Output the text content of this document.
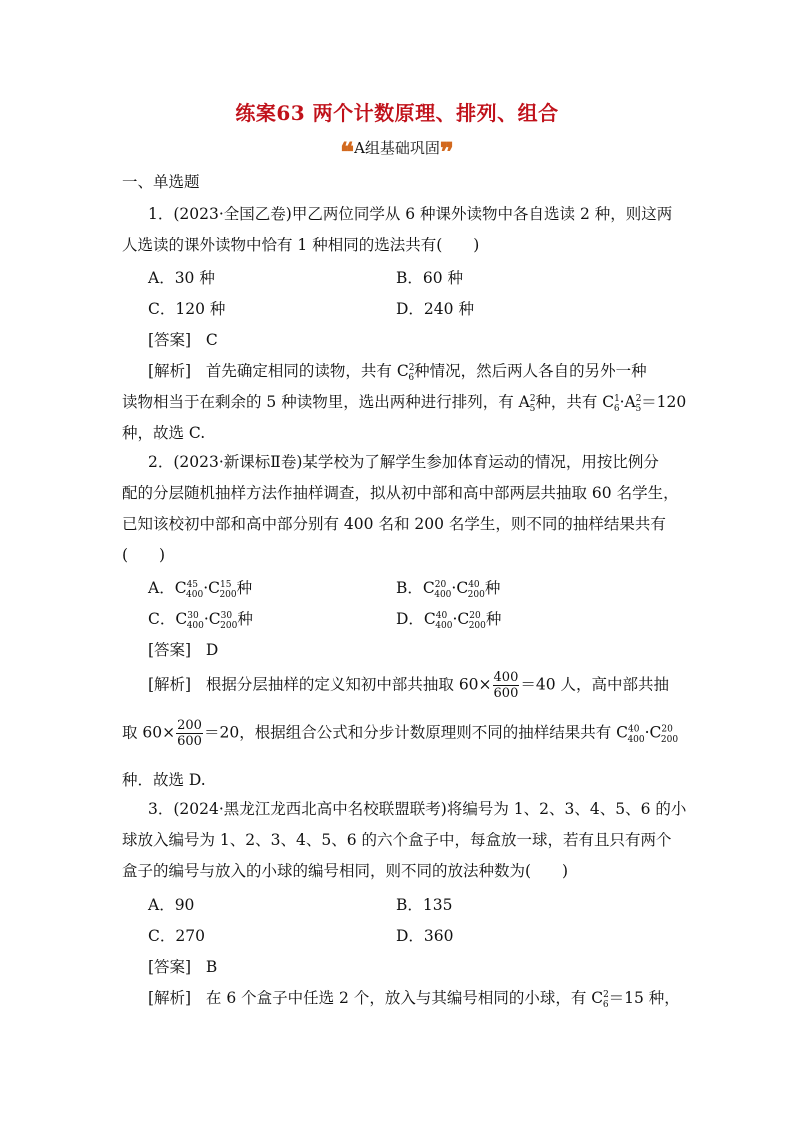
练案63 两个计数原理、排列、组合
❝A组基础巩固❞
一、单选题
1．(2023·全国乙卷)甲乙两位同学从 6 种课外读物中各自选读 2 种，则这两
人选读的课外读物中恰有 1 种相同的选法共有(　　)
A．30 种	B．60 种
C．120 种	D．240 种
[答案] C
[解析] 首先确定相同的读物，共有 $C^2_6$种情况，然后两人各自的另外一种
读物相当于在剩余的 5 种读物里，选出两种进行排列，有 $A^2_5$种，共有 $C^1_6\cdot A^2_5=120$
种，故选 C.
2．(2023·新课标Ⅱ卷)某学校为了解学生参加体育运动的情况，用按比例分
配的分层随机抽样方法作抽样调查，拟从初中部和高中部两层共抽取 60 名学生，
已知该校初中部和高中部分别有 400 名和 200 名学生，则不同的抽样结果共有
(　　)
A．$C^{45}_{400}\cdot C^{15}_{200}$种	B．$C^{20}_{400}\cdot C^{40}_{200}$种
C．$C^{30}_{400}\cdot C^{30}_{200}$种	D．$C^{40}_{400}\cdot C^{20}_{200}$种
[答案] D
[解析] 根据分层抽样的定义知初中部共抽取 $60\times \frac{400}{600} =40$ 人，高中部共抽
取 $60\times \frac{200}{600} =20$，根据组合公式和分步计数原理则不同的抽样结果共有 $C^{40}_{400}\cdot C^{20}_{200}$
种．故选 D.
3．(2024·黑龙江龙西北高中名校联盟联考)将编号为 1、2、3、4、5、6 的小
球放入编号为 1、2、3、4、5、6 的六个盒子中，每盒放一球，若有且只有两个
盒子的编号与放入的小球的编号相同，则不同的放法种数为(　　)
A．90	B．135
C．270	D．360
[答案] B
[解析] 在 6 个盒子中任选 2 个，放入与其编号相同的小球，有 $C^2_6=15$ 种，
